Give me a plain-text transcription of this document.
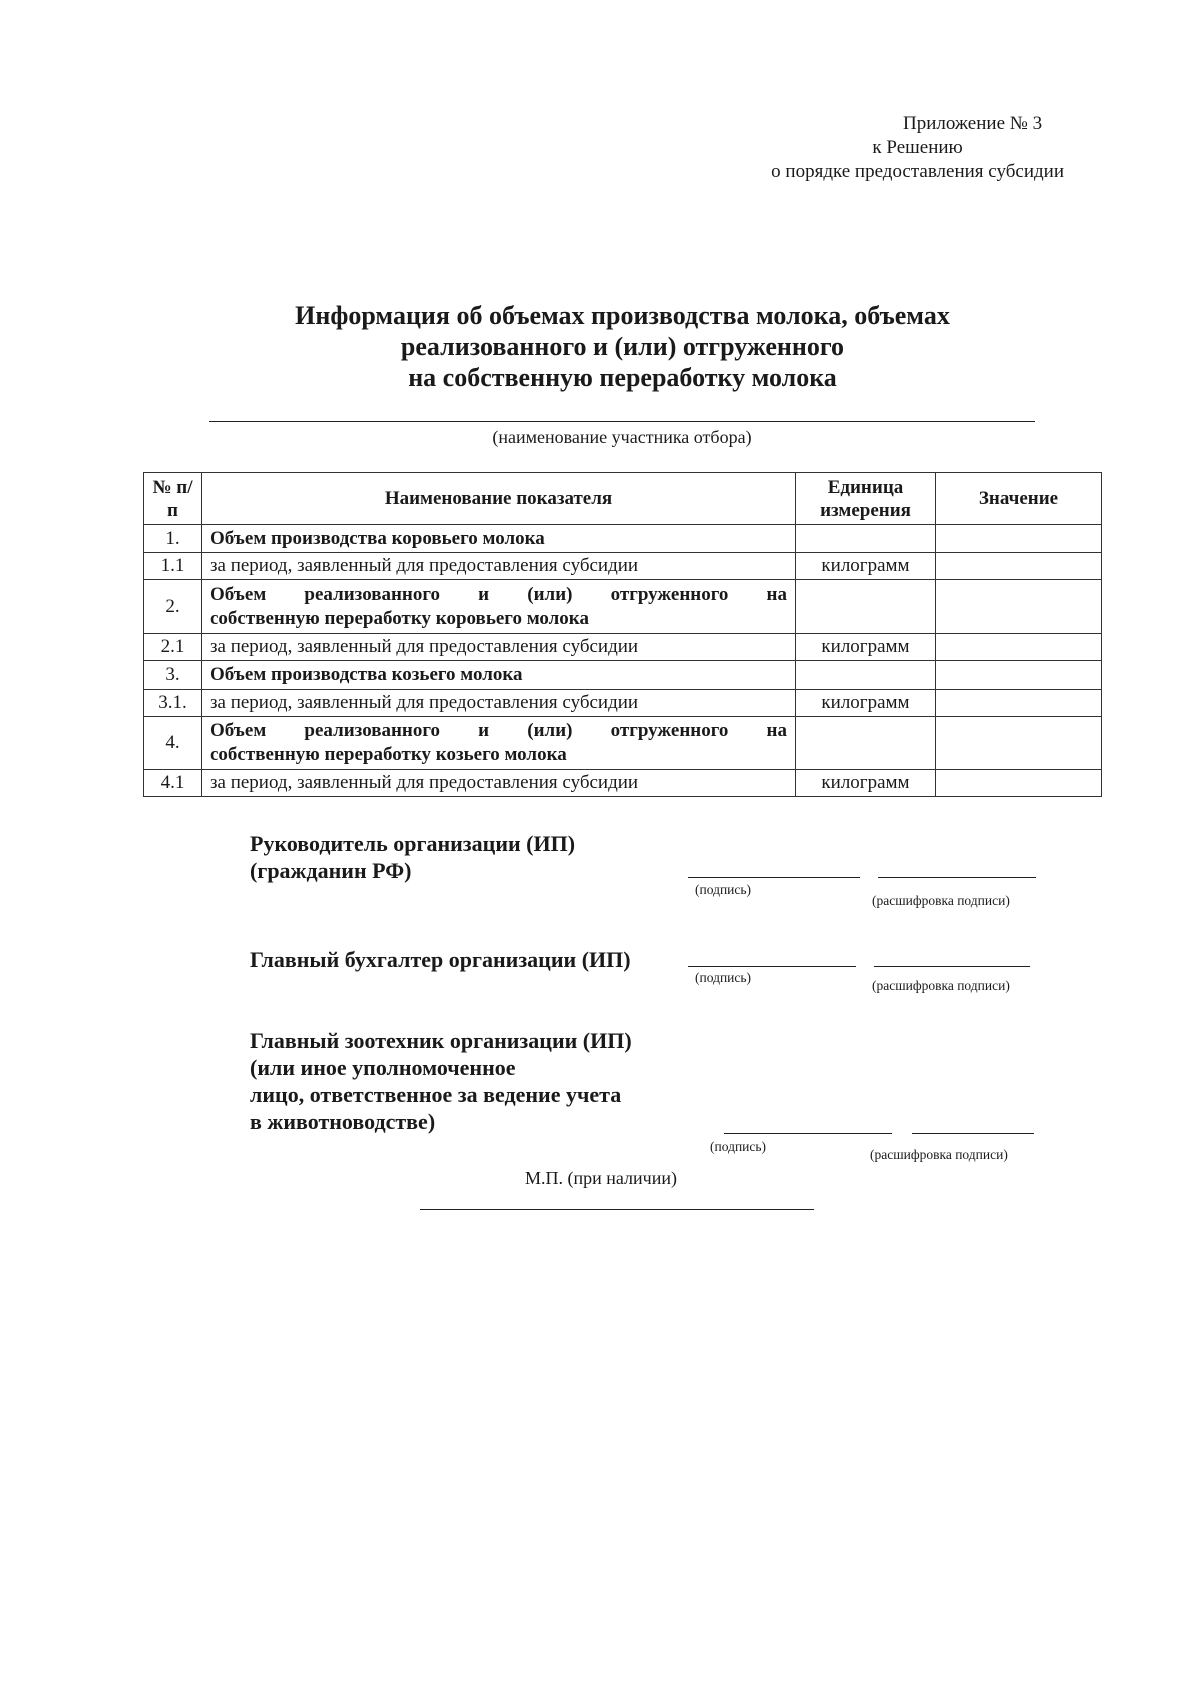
Приложение № 3
к Решению
о порядке предоставления субсидии
Информация об объемах производства молока, объемах
реализованного и (или) отгруженного
на собственную переработку молока
(наименование участника отбора)
№ п/п	Наименование показателя	Единица измерения	Значение
1.	Объем производства коровьего молока		
1.1	за период, заявленный для предоставления субсидии	килограмм	
2.	Объем реализованного и (или) отгруженного на
собственную переработку коровьего молока		

2.1	за период, заявленный для предоставления субсидии	килограмм	
3.	Объем производства козьего молока		
3.1.	за период, заявленный для предоставления субсидии	килограмм	
4.	Объем реализованного и (или) отгруженного на
собственную переработку козьего молока		

4.1	за период, заявленный для предоставления субсидии	килограмм	
Руководитель организации (ИП)
(гражданин РФ)
(подпись)
(расшифровка подписи)
Главный бухгалтер организации (ИП)
(подпись)
(расшифровка подписи)
Главный зоотехник организации (ИП)
(или иное уполномоченное
лицо, ответственное за ведение учета
в животноводстве)
(подпись)
(расшифровка подписи)
М.П. (при наличии)
